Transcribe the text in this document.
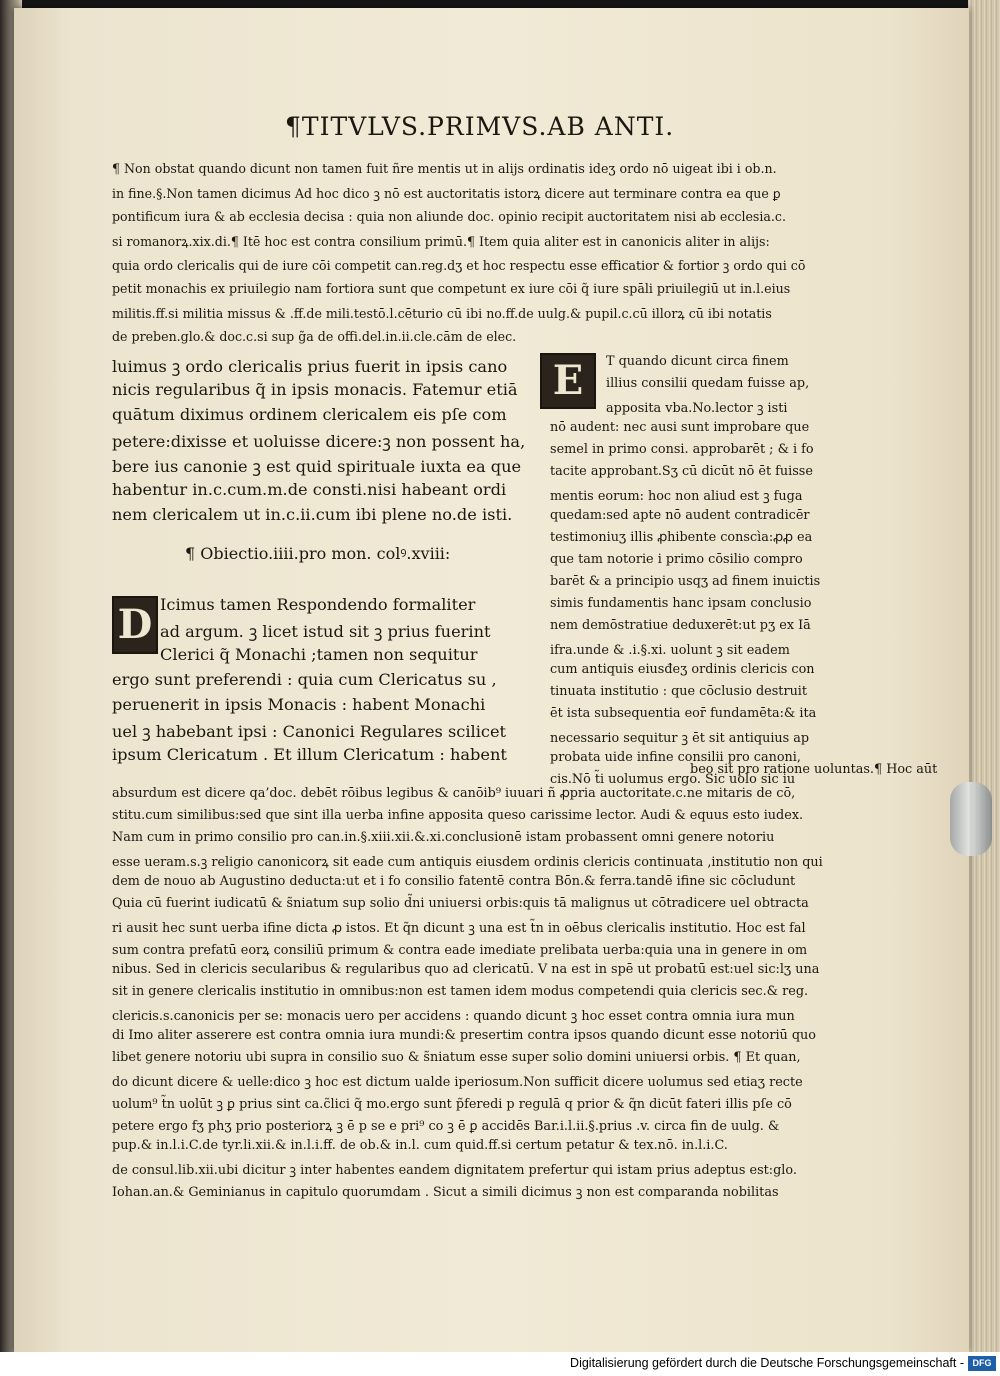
¶TITVLVS.PRIMVS.AB ANTI.
¶ Non obstat quando dicunt non tamen fuit ñre mentis ut in alijs ordinatis ideʒ ordo nō uigeat ibi i ob.n.
in fine.§.Non tamen dicimus Ad hoc dico ꝫ nō est auctoritatis istorꝝ dicere aut terminare contra ea que ꝑ
pontificum iura & ab ecclesia decisa : quia non aliunde doc. opinio recipit auctoritatem nisi ab ecclesia.c.
si romanorꝝ.xix.di.¶ Itē hoc est contra consilium primū.¶ Item quia aliter est in canonicis aliter in alijs:
quia ordo clericalis qui de iure cōi competit can.reg.dʒ et hoc respectu esse efficatior & fortior ꝫ ordo qui cō
petit monachis ex priuilegio nam fortiora sunt que competunt ex iure cōi q̃ iure spāli priuilegiū ut in.l.eius
militis.ff.si militia missus & .ff.de mili.testō.l.cēturio cū ibi no.ff.de uulg.& pupil.c.cū illorꝝ cū ibi notatis
de preben.glo.& doc.c.si sup g̃a de offi.del.in.ii.cle.cām de elec.
luimus ꝫ ordo clericalis prius fuerit in ipsis cano
nicis regularibus q̃ in ipsis monacis. Fatemur etiā
quātum diximus ordinem clericalem eis pſe com
petere:dixisse et uoluisse dicere:ꝫ non possent ha,
bere ius canonie ꝫ est quid spirituale iuxta ea que
habentur in.c.cum.m.de consti.nisi habeant ordi
nem clericalem ut in.c.ii.cum ibi plene no.de isti.
¶ Obiectio.iiii.pro mon. colꝰ.xviii:
D Icimus tamen Respondendo formaliter
ad argum. ꝫ licet istud sit ꝫ prius fuerint
Clerici q̃ Monachi ;tamen non sequitur
ergo sunt preferendi : quia cum Clericatus su ,
peruenerit in ipsis Monacis : habent Monachi
uel ꝫ habebant ipsi : Canonici Regulares scilicet
ipsum Clericatum . Et illum Clericatum : habent
E	T quando dicunt circa finem
illius consilii quedam fuisse ap,
apposita vba.No.lector ꝫ isti
nō audent: nec ausi sunt improbare que
semel in primo consi. approbarēt ; & i fo
tacite approbant.Sʒ cū dicūt nō ēt fuisse
mentis eorum: hoc non aliud est ꝫ fuga
quedam:sed apte nō audent contradicēr
testimoniuʒ illis ꝓhibente conscìa:ꝓꝓ ea
que tam notorie i primo cōsilio compro
barēt & a principio usqʒ ad finem inuictis
simis fundamentis hanc ipsam conclusio
nem demōstratiue deduxerēt:ut pʒ ex Iā
ifra.unde & .i.§.xi. uolunt ꝫ sit eadem
cum antiquis eiusđeʒ ordinis clericis con
tinuata institutio : que cōclusio destruit
ēt ista subsequentia eor̄ fundamēta:& ita
necessario sequitur ꝫ ēt sit antiquius ap
probata uide infine consilii pro canoni,
cis.Nō t̃i uolumus ergo. Sic uolo sic iu
beo sit pro ratione uoluntas.¶ Hoc aūt
absurdum est dicere qa’doc. debēt rōibus legibus & canōib⁹ iuuari ñ ꝓpria auctoritate.c.ne mitaris de cō,
stitu.cum similibus:sed que sint illa uerba infine apposita queso carissime lector. Audi & equus esto iudex.
Nam cum in primo consilio pro can.in.§.xiii.xii.&.xi.conclusionē istam probassent omni genere notoriu
esse ueram.s.ꝫ religio canonicorꝝ sit eade cum antiquis eiusdem ordinis clericis continuata ,institutio non qui
dem de nouo ab Augustino deducta:ut et i fo consilio fatentē contra Bōn.& ferra.tandē ifine sic cōcludunt
Quia cū fuerint iudicatū & s̃niatum sup solio d̃ni uniuersi orbis:quis tā malignus ut cōtradicere uel obtracta
ri ausit hec sunt uerba ifine dicta ꝓ istos. Et q̃n dicunt ꝫ una est t̃n in oēbus clericalis institutio. Hoc est fal
sum contra prefatū eorꝝ consiliū primum & contra eade imediate prelibata uerba:quia una in genere in om
nibus. Sed in clericis secularibus & regularibus quo ad clericatū. V na est in spē ut probatū est:uel sic:lʒ una
sit in genere clericalis institutio in omnibus:non est tamen idem modus competendi quia clericis sec.& reg.
clericis.s.canonicis per se: monacis uero per accidens : quando dicunt ꝫ hoc esset contra omnia iura mun
di Imo aliter asserere est contra omnia iura mundi:& presertim contra ipsos quando dicunt esse notoriū quo
libet genere notoriu ubi supra in consilio suo & s̃niatum esse super solio domini uniuersi orbis. ¶ Et quan,
do dicunt dicere & uelle:dico ꝫ hoc est dictum ualde iperiosum.Non sufficit dicere uolumus sed etiaʒ recte
uolum⁹ t̃n uolūt ꝫ ꝑ prius sint ca.c̃lici q̃ mo.ergo sunt p̃feredi p regulā q prior & q̃n dicūt fateri illis pſe cō
petere ergo fʒ phʒ prio posteriorꝝ ꝫ ē p se e pri⁹ co ꝫ ē ꝑ accidēs Bar.i.l.ii.§.prius .v. circa fin de uulg. &
pup.& in.l.i.C.de tyr.li.xii.& in.l.i.ff. de ob.& in.l. cum quid.ff.si certum petatur & tex.nō. in.l.i.C.
de consul.lib.xii.ubi dicitur ꝫ inter habentes eandem dignitatem prefertur qui istam prius adeptus est:glo.
Iohan.an.& Geminianus in capitulo quorumdam . Sicut a simili dicimus ꝫ non est comparanda nobilitas
Digitalisierung gefördert durch die Deutsche Forschungsgemeinschaft - DFG
